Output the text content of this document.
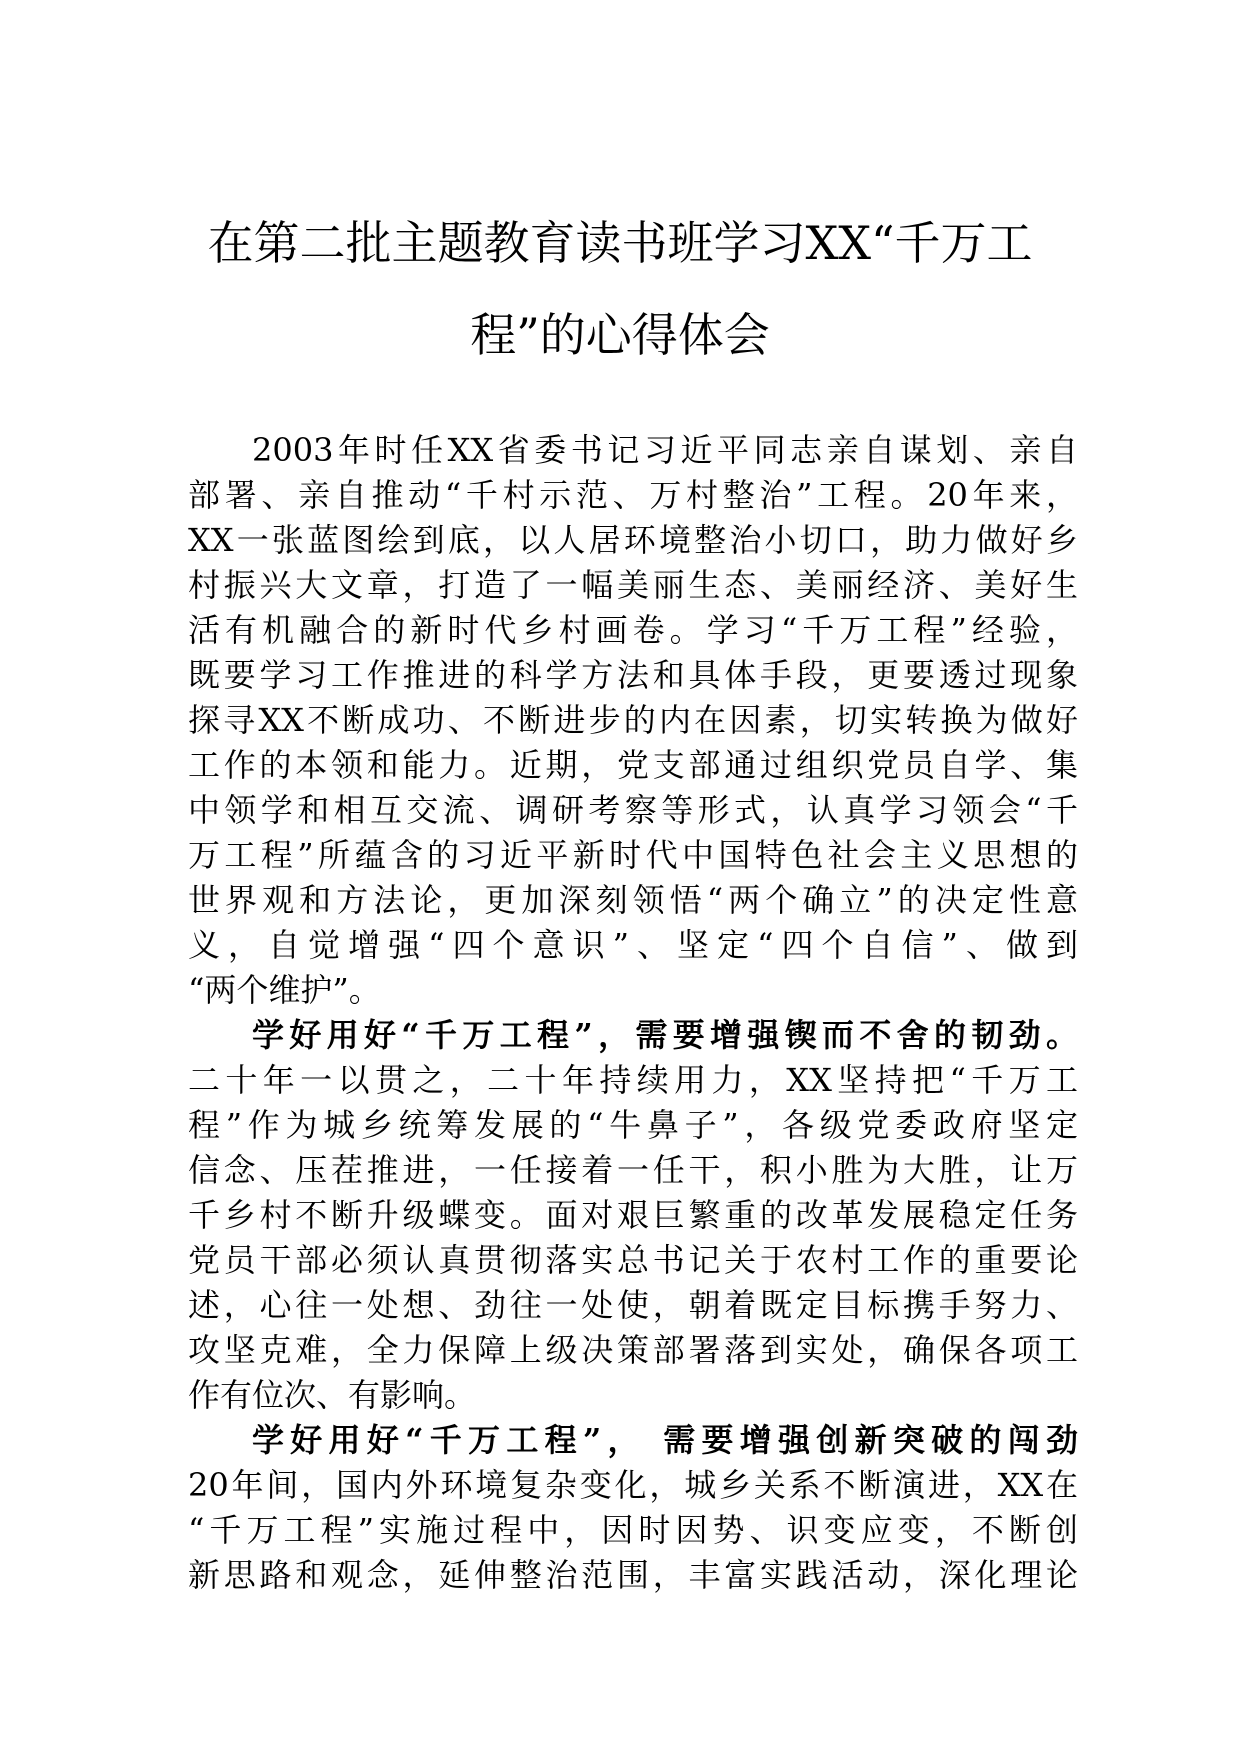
在第二批主题教育读书班学习XX“千万工
程”的心得体会
2003年时任XX省委书记习近平同志亲自谋划、亲自
部署、亲自推动“千村示范、万村整治”工程。20年来，
XX一张蓝图绘到底，以人居环境整治小切口，助力做好乡
村振兴大文章，打造了一幅美丽生态、美丽经济、美好生
活有机融合的新时代乡村画卷。学习“千万工程”经验，
既要学习工作推进的科学方法和具体手段，更要透过现象
探寻XX不断成功、不断进步的内在因素，切实转换为做好
工作的本领和能力。近期，党支部通过组织党员自学、集
中领学和相互交流、调研考察等形式，认真学习领会“千
万工程”所蕴含的习近平新时代中国特色社会主义思想的
世界观和方法论，更加深刻领悟“两个确立”的决定性意
义，自觉增强“四个意识”、坚定“四个自信”、做到
“两个维护”。
学好用好“千万工程”，需要增强锲而不舍的韧劲。
二十年一以贯之，二十年持续用力，XX坚持把“千万工
程”作为城乡统筹发展的“牛鼻子”，各级党委政府坚定
信念、压茬推进，一任接着一任干，积小胜为大胜，让万
千乡村不断升级蝶变。面对艰巨繁重的改革发展稳定任务
党员干部必须认真贯彻落实总书记关于农村工作的重要论
述，心往一处想、劲往一处使，朝着既定目标携手努力、
攻坚克难，全力保障上级决策部署落到实处，确保各项工
作有位次、有影响。
学好用好“千万工程”， 需要增强创新突破的闯劲
20年间，国内外环境复杂变化，城乡关系不断演进，XX在
“千万工程”实施过程中，因时因势、识变应变，不断创
新思路和观念，延伸整治范围，丰富实践活动，深化理论
